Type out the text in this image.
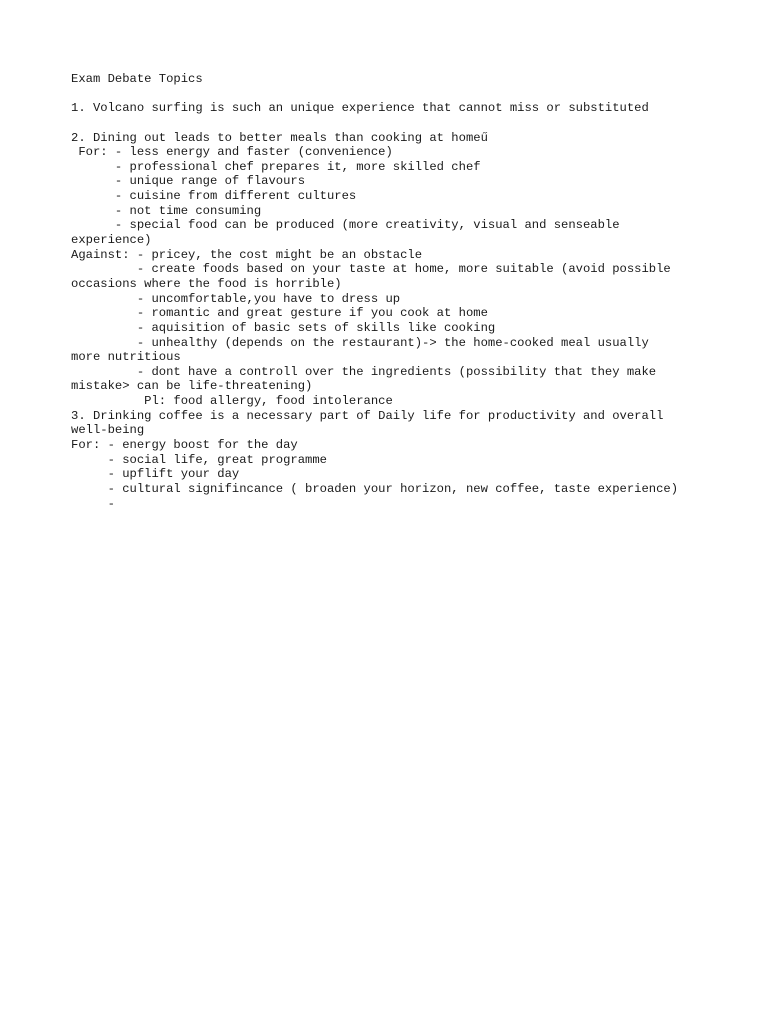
Exam Debate Topics
1. Volcano surfing is such an unique experience that cannot miss or substituted
2. Dining out leads to better meals than cooking at homeű
For: - less energy and faster (convenience)
- professional chef prepares it, more skilled chef
- unique range of flavours
- cuisine from different cultures
- not time consuming
- special food can be produced (more creativity, visual and senseable
experience)
Against: - pricey, the cost might be an obstacle
- create foods based on your taste at home, more suitable (avoid possible
occasions where the food is horrible)
- uncomfortable,you have to dress up
- romantic and great gesture if you cook at home
- aquisition of basic sets of skills like cooking
- unhealthy (depends on the restaurant)-> the home-cooked meal usually
more nutritious
- dont have a controll over the ingredients (possibility that they make
mistake> can be life-threatening)
Pl: food allergy, food intolerance
3. Drinking coffee is a necessary part of Daily life for productivity and overall
well-being
For: - energy boost for the day
- social life, great programme
- upflift your day
- cultural signifincance ( broaden your horizon, new coffee, taste experience)
-
